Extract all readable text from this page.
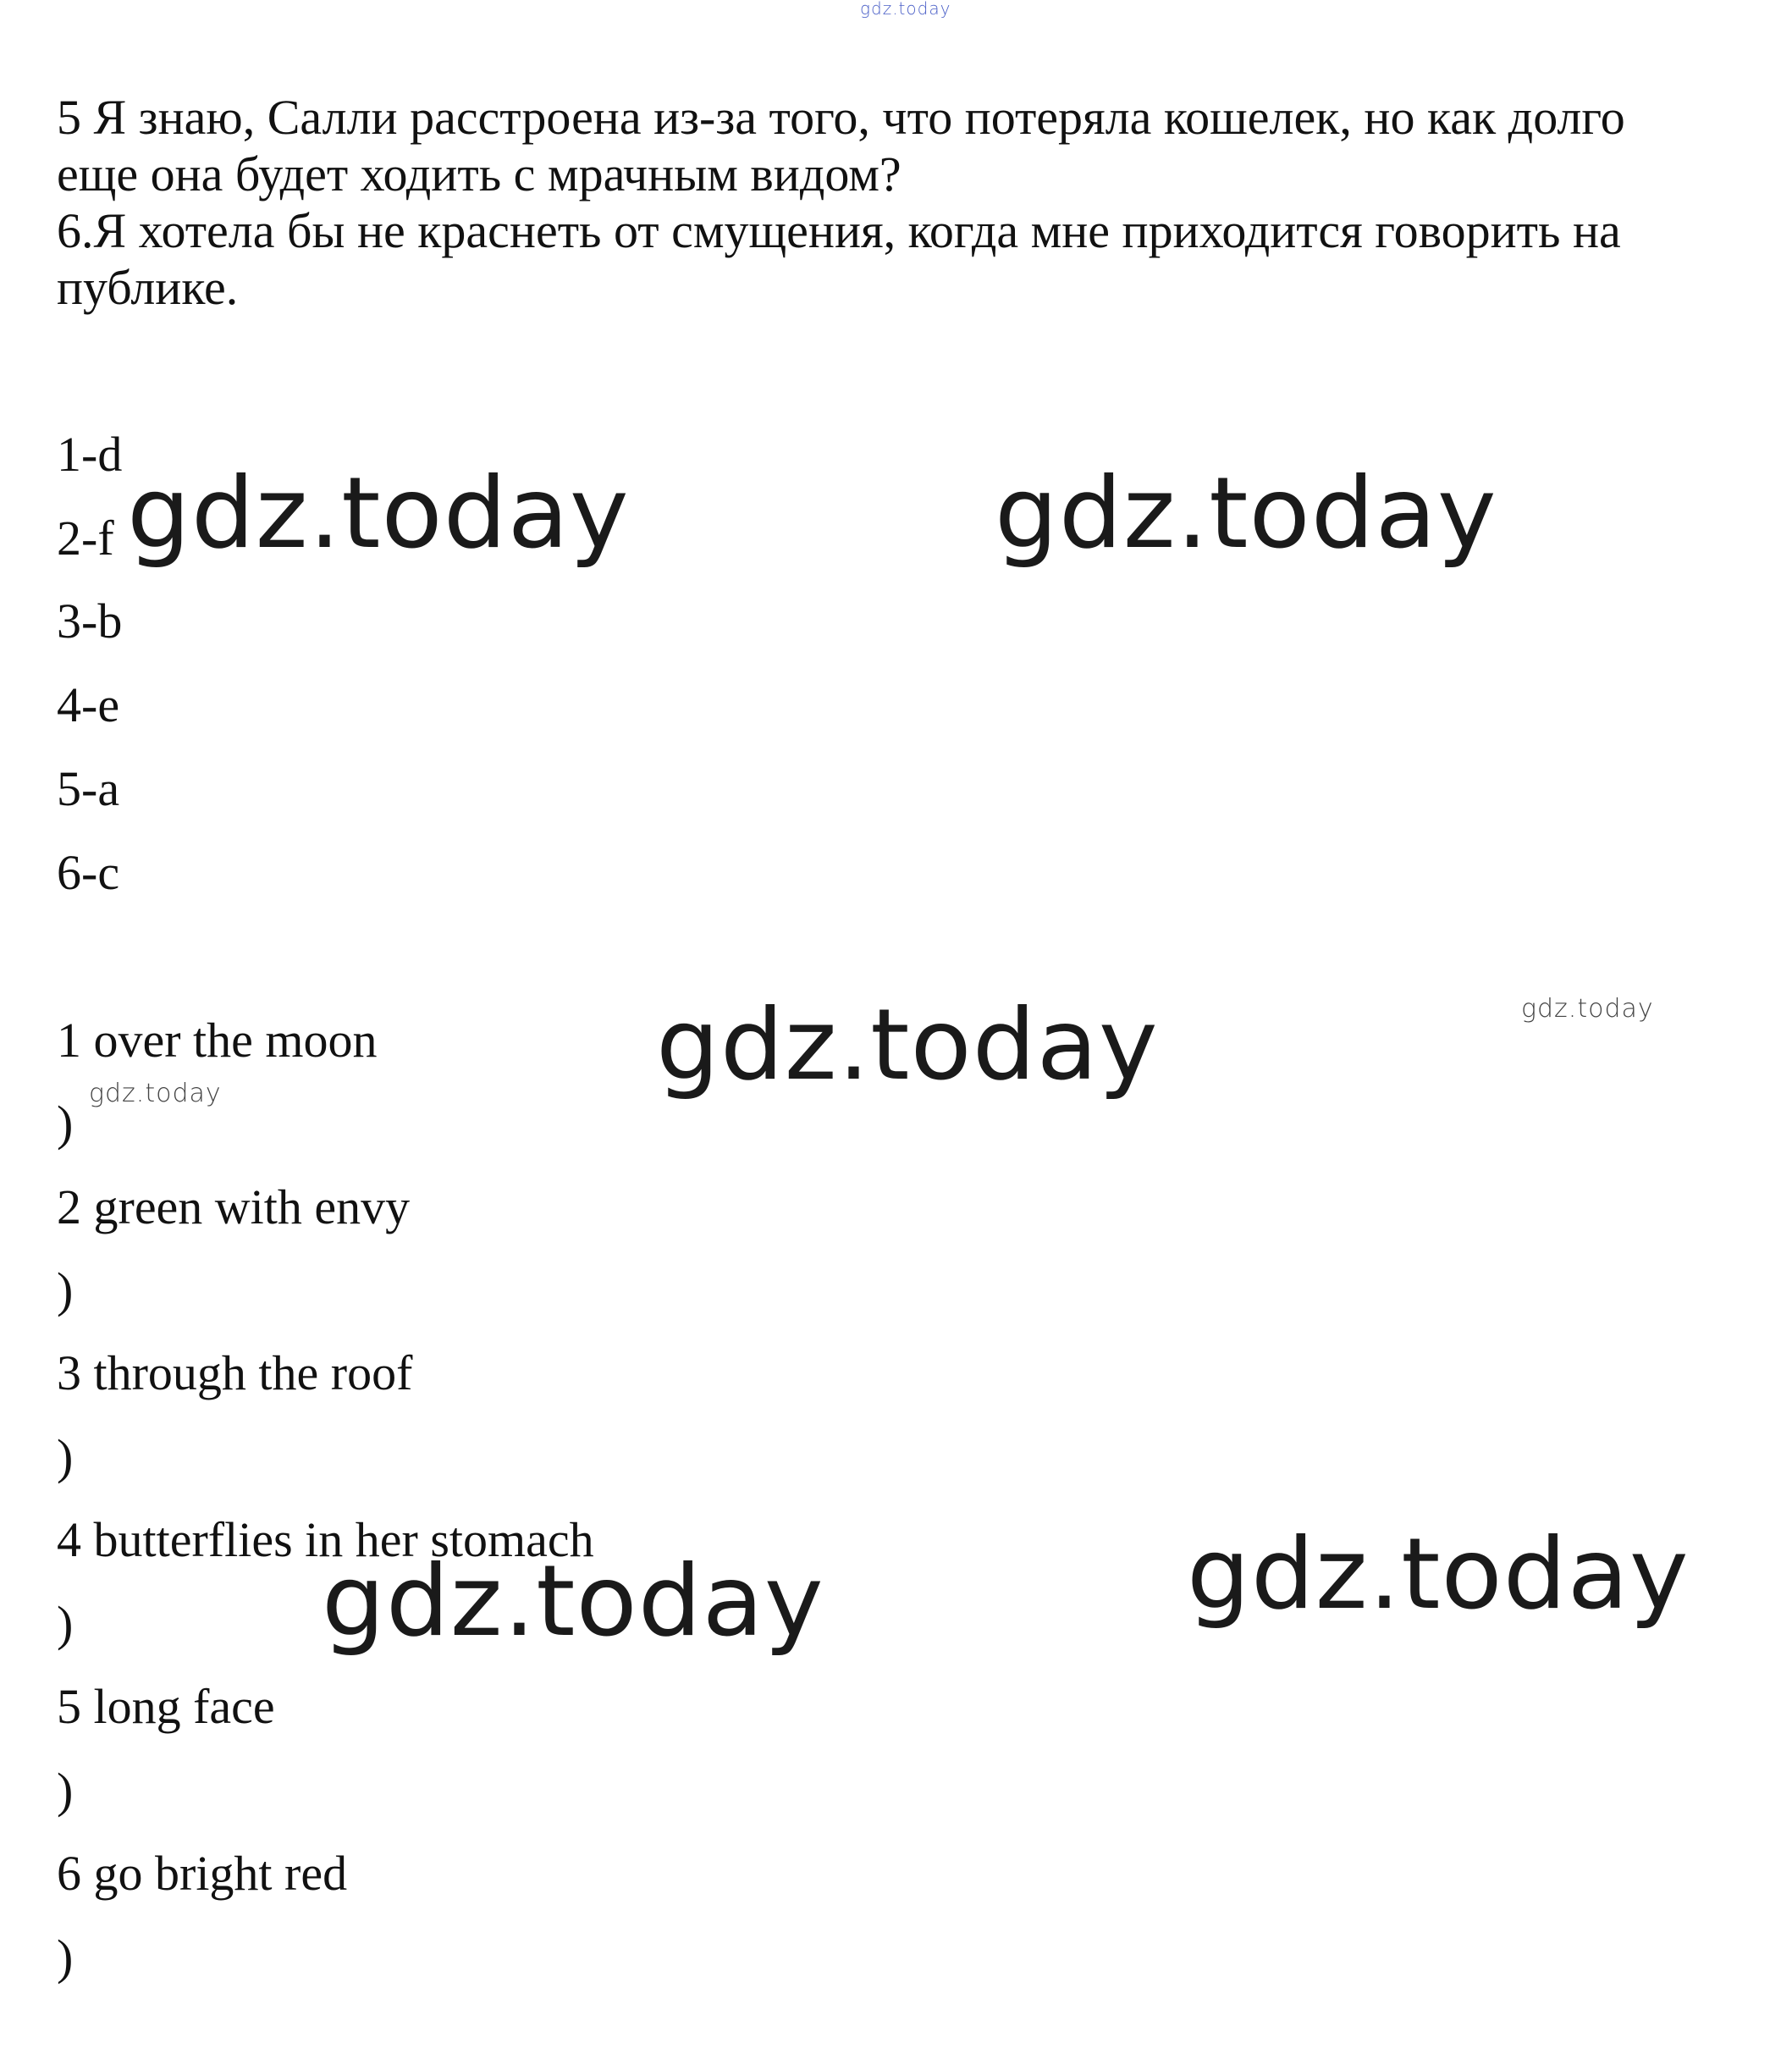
gdz.today

5 Я знаю, Салли расстроена из-за того, что потеряла кошелек, но как долго еще она будет ходить с мрачным видом?

6.Я хотела бы не краснеть от смущения, когда мне приходится говорить на публике.

1-d
2-f
3-b
4-e
5-a
6-c
1 over the moon
)
2 green with envy
)
3 through the roof
)
4 butterflies in her stomach
)
5 long face
)
6 go bright red
)
gdz.today	gdz.today
gdz.today
gdz.today	gdz.today
gdz.today
gdz.today
